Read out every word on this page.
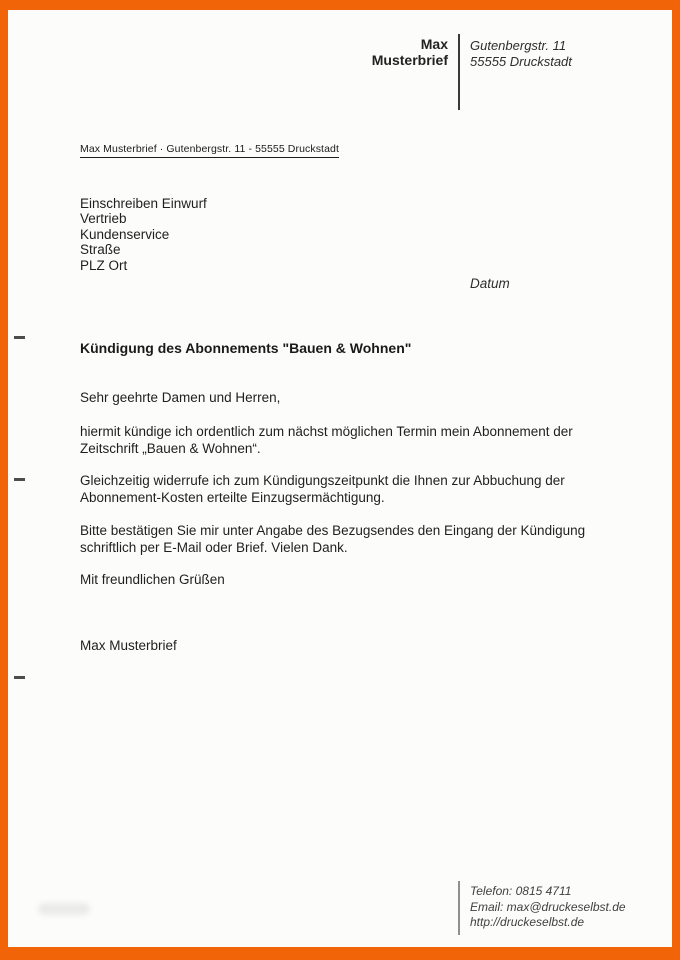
Max
Musterbrief
Gutenbergstr. 11
55555 Druckstadt
Max Musterbrief · Gutenbergstr. 11 - 55555 Druckstadt
Einschreiben Einwurf
Vertrieb
Kundenservice
Straße
PLZ Ort
Datum
Kündigung des Abonnements "Bauen & Wohnen"
Sehr geehrte Damen und Herren,
hiermit kündige ich ordentlich zum nächst möglichen Termin mein Abonnement der Zeitschrift „Bauen & Wohnen“.
Gleichzeitig widerrufe ich zum Kündigungszeitpunkt die Ihnen zur Abbuchung der Abonnement-Kosten erteilte Einzugsermächtigung.
Bitte bestätigen Sie mir unter Angabe des Bezugsendes den Eingang der Kündigung schriftlich per E-Mail oder Brief. Vielen Dank.
Mit freundlichen Grüßen
Max Musterbrief
Telefon: 0815 4711
Email: max@druckeselbst.de
http://druckeselbst.de
